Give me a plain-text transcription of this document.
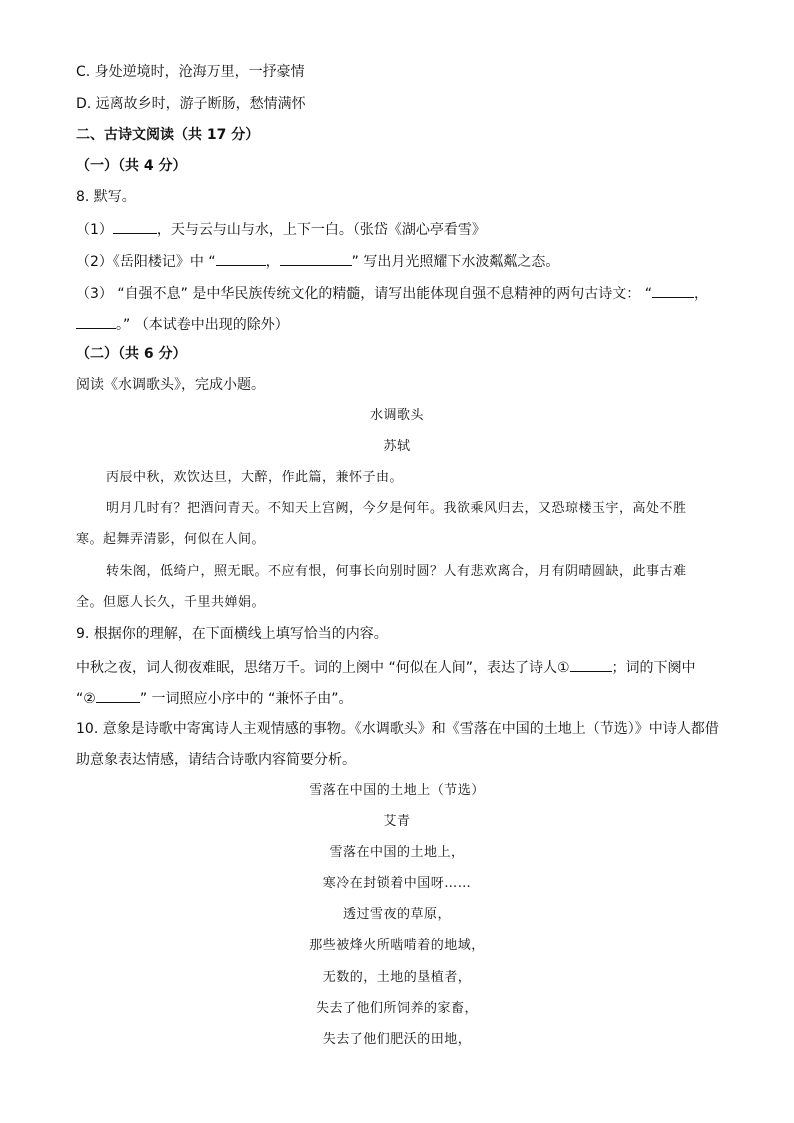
C. 身处逆境时，沧海万里，一抒豪情
D. 远离故乡时，游子断肠，愁情满怀
二、古诗文阅读（共 17 分）
（一）（共 4 分）
8. 默写。
（1）	，天与云与山与水，上下一白。（张岱《湖心亭看雪》
（2）《岳阳楼记》中 “	，	” 写出月光照耀下水波粼粼之态。
（3） “自强不息” 是中华民族传统文化的精髓，请写出能体现自强不息精神的两句古诗文： “	，
。” （本试卷中出现的除外）
（二）（共 6 分）
阅读《水调歌头》，完成小题。
水调歌头
苏轼
丙辰中秋，欢饮达旦，大醉，作此篇，兼怀子由。
明月几时有？把酒问青天。不知天上宫阙，今夕是何年。我欲乘风归去，又恐琼楼玉宇，高处不胜
寒。起舞弄清影，何似在人间。
转朱阁，低绮户，照无眠。不应有恨，何事长向别时圆？人有悲欢离合，月有阴晴圆缺，此事古难
全。但愿人长久，千里共婵娟。
9. 根据你的理解，在下面横线上填写恰当的内容。
中秋之夜，词人彻夜难眠，思绪万千。词的上阕中 “何似在人间”，表达了诗人①	；词的下阕中
“②	” 一词照应小序中的 “兼怀子由”。
10. 意象是诗歌中寄寓诗人主观情感的事物。《水调歌头》和《雪落在中国的土地上（节选）》中诗人都借
助意象表达情感，请结合诗歌内容简要分析。
雪落在中国的土地上（节选）
艾青
雪落在中国的土地上，
寒冷在封锁着中国呀……
透过雪夜的草原，
那些被烽火所啮啃着的地域，
无数的，土地的垦植者，
失去了他们所饲养的家畜，
失去了他们肥沃的田地，
